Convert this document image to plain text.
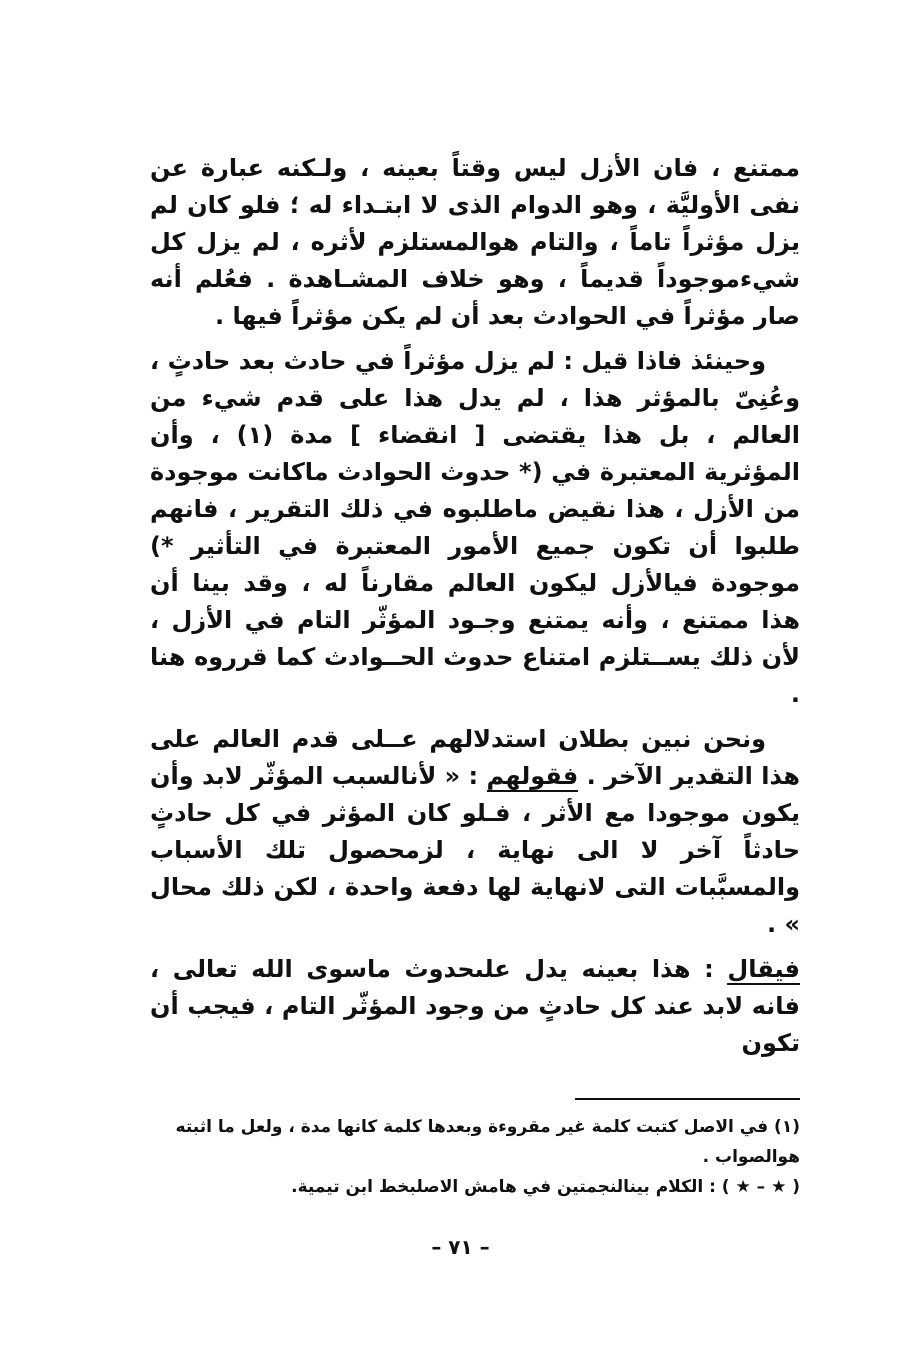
ممتنع ، فان الأزل ليس وقتاً بعينه ، ولـكنه عبارة عن نفى الأوليَّة ، وهو الدوام الذى لا ابتـداء له ؛ فلو كان لم يزل مؤثراً تاماً ، والتام هوالمستلزم لأثره ، لم يزل كل شيءموجوداً قديماً ، وهو خلاف المشـاهدة . فعُلم أنه صار مؤثراً في الحوادث بعد أن لم يكن مؤثراً فيها .

وحينئذ فاذا قيل : لم يزل مؤثراً في حادث بعد حادثٍ ، وعُنِىّ بالمؤثر هذا ، لم يدل هذا على قدم شيء من العالم ، بل هذا يقتضى [ انقضاء ] مدة (١) ، وأن المؤثرية المعتبرة في (* حدوث الحوادث ماكانت موجودة من الأزل ، هذا نقيض ماطلبوه في ذلك التقرير ، فانهم طلبوا أن تكون جميع الأمور المعتبرة في التأثير *) موجودة فيالأزل ليكون العالم مقارناً له ، وقد بينا أن هذا ممتنع ، وأنه يمتنع وجـود المؤثّر التام في الأزل ، لأن ذلك يســتلزم امتناع حدوث الحــوادث كما قرروه هنا .

ونحن نبين بطلان استدلالهم عــلى قدم العالم على هذا التقدير الآخر . فقولهم : « لأنالسبب المؤثّر لابد وأن يكون موجودا مع الأثر ، فـلو كان المؤثر في كل حادثٍ حادثاً آخر لا الى نهاية ، لزمحصول تلك الأسباب والمسبَّبات التى لانهاية لها دفعة واحدة ، لكن ذلك محال » .

فيقال : هذا بعينه يدل علىحدوث ماسوى الله تعالى ، فانه لابد عند كل حادثٍ من وجود المؤثّر التام ، فيجب أن تكون

(١) في الاصل كتبت كلمة غير مقروءة وبعدها كلمة كانها مدة ، ولعل ما اثبته هوالصواب .

( ★ – ★ ) : الكلام بينالنجمتين في هامش الاصلبخط ابن تيمية.

– ٧١ –
